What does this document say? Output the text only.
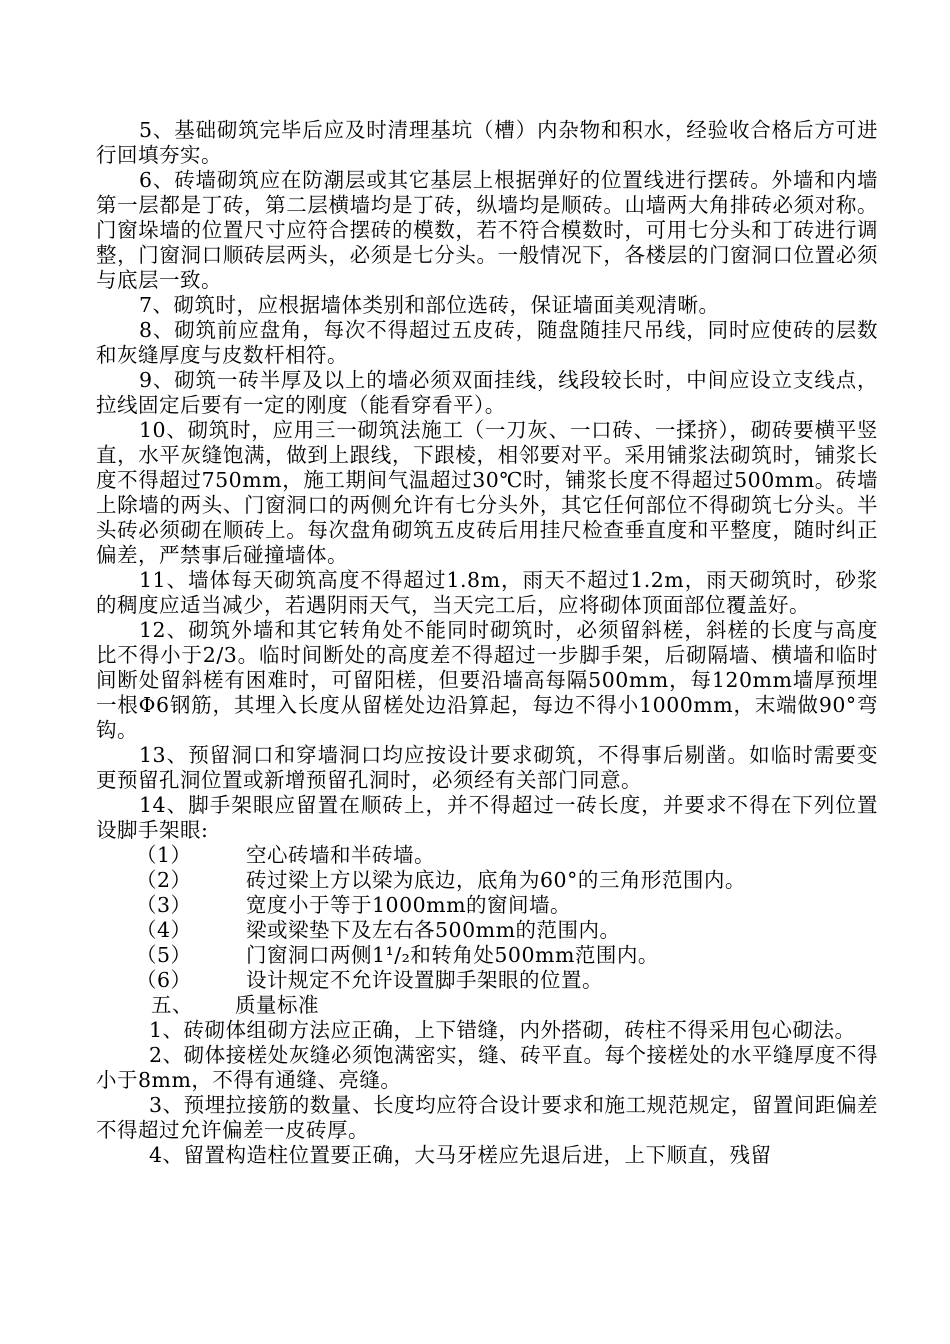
5、基础砌筑完毕后应及时清理基坑（槽）内杂物和积水，经验收合格后方可进行回填夯实。

6、砖墙砌筑应在防潮层或其它基层上根据弹好的位置线进行摆砖。外墙和内墙第一层都是丁砖，第二层横墙均是丁砖，纵墙均是顺砖。山墙两大角排砖必须对称。门窗垛墙的位置尺寸应符合摆砖的模数，若不符合模数时，可用七分头和丁砖进行调整，门窗洞口顺砖层两头，必须是七分头。一般情况下，各楼层的门窗洞口位置必须与底层一致。

7、砌筑时，应根据墙体类别和部位选砖，保证墙面美观清晰。

8、砌筑前应盘角，每次不得超过五皮砖，随盘随挂尺吊线，同时应使砖的层数和灰缝厚度与皮数杆相符。

9、砌筑一砖半厚及以上的墙必须双面挂线，线段较长时，中间应设立支线点，拉线固定后要有一定的刚度（能看穿看平）。

10、砌筑时，应用三一砌筑法施工（一刀灰、一口砖、一揉挤），砌砖要横平竖直，水平灰缝饱满，做到上跟线，下跟棱，相邻要对平。采用铺浆法砌筑时，铺浆长度不得超过750mm，施工期间气温超过30℃时，铺浆长度不得超过500mm。砖墙上除墙的两头、门窗洞口的两侧允许有七分头外，其它任何部位不得砌筑七分头。半头砖必须砌在顺砖上。每次盘角砌筑五皮砖后用挂尺检查垂直度和平整度，随时纠正偏差，严禁事后碰撞墙体。

11、墙体每天砌筑高度不得超过1.8m，雨天不超过1.2m，雨天砌筑时，砂浆的稠度应适当减少，若遇阴雨天气，当天完工后，应将砌体顶面部位覆盖好。

12、砌筑外墙和其它转角处不能同时砌筑时，必须留斜槎，斜槎的长度与高度比不得小于2/3。临时间断处的高度差不得超过一步脚手架，后砌隔墙、横墙和临时间断处留斜槎有困难时，可留阳槎，但要沿墙高每隔500mm，每120mm墙厚预埋一根Φ6钢筋，其埋入长度从留槎处边沿算起，每边不得小1000mm，末端做90°弯钩。

13、预留洞口和穿墙洞口均应按设计要求砌筑，不得事后剔凿。如临时需要变更预留孔洞位置或新增预留孔洞时，必须经有关部门同意。

14、脚手架眼应留置在顺砖上，并不得超过一砖长度，并要求不得在下列位置设脚手架眼:

（1）	空心砖墙和半砖墙。
（2）	砖过梁上方以梁为底边，底角为60°的三角形范围内。
（3）	宽度小于等于1000mm的窗间墙。
（4）	梁或梁垫下及左右各500mm的范围内。
（5）	门窗洞口两侧1¹/₂和转角处500mm范围内。
（6）	设计规定不允许设置脚手架眼的位置。

五、 质量标准

1、砖砌体组砌方法应正确，上下错缝，内外搭砌，砖柱不得采用包心砌法。

2、砌体接槎处灰缝必须饱满密实，缝、砖平直。每个接槎处的水平缝厚度不得小于8mm，不得有通缝、亮缝。

3、预埋拉接筋的数量、长度均应符合设计要求和施工规范规定，留置间距偏差不得超过允许偏差一皮砖厚。

4、留置构造柱位置要正确，大马牙槎应先退后进，上下顺直，残留
